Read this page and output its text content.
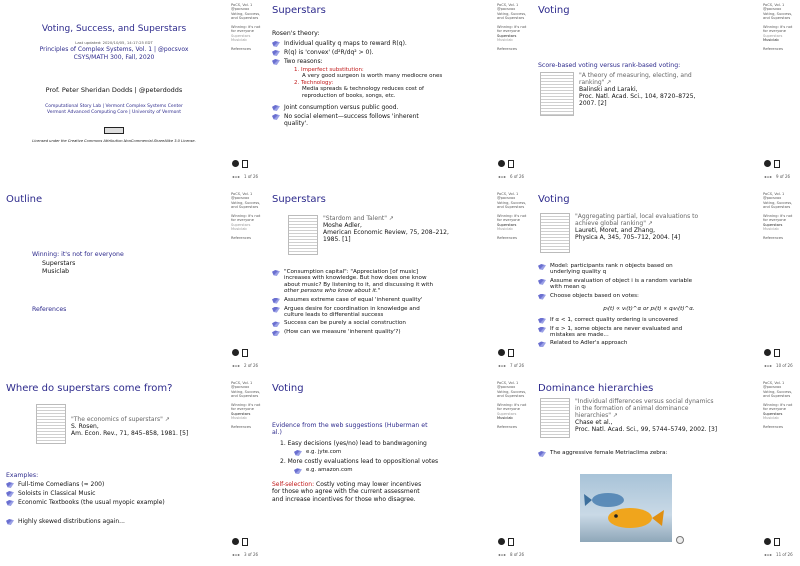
Voting, Success, and Superstars
Last updated: 2020/10/05, 14:17:25 EDT
Principles of Complex Systems, Vol. 1 | @pocsvox
CSYS/MATH 300, Fall, 2020
Prof. Peter Sheridan Dodds | @peterdodds
Computational Story Lab | Vermont Complex Systems Center
Vermont Advanced Computing Core | University of Vermont
Licensed under the Creative Commons Attribution-NonCommercial-ShareAlike 3.0 License.
PoCS, Vol. 1
@pocsvox
Voting, Success,
and Superstars
Winning: it's not
for everyone
Superstars
Musiclab
References
◂◃▹▸ 1 of 26
Superstars
Rosen's theory:
Individual quality q maps to reward R(q).
R(q) is 'convex' (d²R/dq² > 0).
Two reasons:
1. Imperfect substitution:
A very good surgeon is worth many mediocre ones
2. Technology:
Media spreads & technology reduces cost of
reproduction of books, songs, etc.
Joint consumption versus public good.
No social element—success follows 'inherent
quality'.
PoCS, Vol. 1
@pocsvox
Voting, Success,
and Superstars
Winning: it's not
for everyone
Superstars
Musiclab
References
◂◃▹▸ 6 of 26
Voting
Score-based voting versus rank-based voting:
"A theory of measuring, electing, and
ranking" ↗
Balinski and Laraki,
Proc. Natl. Acad. Sci., 104, 8720–8725,
2007. [2]
PoCS, Vol. 1
@pocsvox
Voting, Success,
and Superstars
Winning: it's not
for everyone
Superstars
Musiclab
References
◂◃▹▸ 9 of 26
Outline
Winning: it's not for everyone
Superstars
Musiclab
References
PoCS, Vol. 1
@pocsvox
Voting, Success,
and Superstars
Winning: it's not
for everyone
Superstars
Musiclab
References
◂◃▹▸ 2 of 26
Superstars
"Stardom and Talent" ↗
Moshe Adler,
American Economic Review, 75, 208–212,
1985. [1]
"Consumption capital": "Appreciation [of music]
increases with knowledge. But how does one know
about music? By listening to it, and discussing it with
other persons who know about it."
Assumes extreme case of equal 'inherent quality'
Argues desire for coordination in knowledge and
culture leads to differential success
Success can be purely a social construction
(How can we measure 'inherent quality'?)
PoCS, Vol. 1
@pocsvox
Voting, Success,
and Superstars
Winning: it's not
for everyone
Superstars
Musiclab
References
◂◃▹▸ 7 of 26
Voting
"Aggregating partial, local evaluations to
achieve global ranking" ↗
Laureti, Moret, and Zhang,
Physica A, 345, 705–712, 2004. [4]
Model: participants rank n objects based on
underlying quality q
Assume evaluation of object i is a random variable
with mean qᵢ
Choose objects based on votes:
pᵢ(t) ∝ vᵢ(t)^α or pᵢ(t) ∝ qᵢvᵢ(t)^α.
If α < 1, correct quality ordering is uncovered
If α > 1, some objects are never evaluated and
mistakes are made...
Related to Adler's approach
PoCS, Vol. 1
@pocsvox
Voting, Success,
and Superstars
Winning: it's not
for everyone
Superstars
Musiclab
References
◂◃▹▸ 10 of 26
Where do superstars come from?
"The economics of superstars" ↗
S. Rosen,
Am. Econ. Rev., 71, 845–858, 1981. [5]
Examples:
Full-time Comedians (≈ 200)
Soloists in Classical Music
Economic Textbooks (the usual myopic example)
Highly skewed distributions again...
PoCS, Vol. 1
@pocsvox
Voting, Success,
and Superstars
Winning: it's not
for everyone
Superstars
Musiclab
References
◂◃▹▸ 3 of 26
Voting
Evidence from the web suggestions (Huberman et
al.)
1. Easy decisions (yes/no) lead to bandwagoning
e.g. jyte.com
2. More costly evaluations lead to oppositional votes
e.g. amazon.com
Self-selection: Costly voting may lower incentives
for those who agree with the current assessment
and increase incentives for those who disagree.
PoCS, Vol. 1
@pocsvox
Voting, Success,
and Superstars
Winning: it's not
for everyone
Superstars
Musiclab
References
◂◃▹▸ 8 of 26
Dominance hierarchies
"Individual differences versus social dynamics
in the formation of animal dominance
hierarchies" ↗
Chase et al.,
Proc. Natl. Acad. Sci., 99, 5744–5749, 2002. [3]
The aggressive female Metriaclima zebra:
PoCS, Vol. 1
@pocsvox
Voting, Success,
and Superstars
Winning: it's not
for everyone
Superstars
Musiclab
References
◂◃▹▸ 11 of 26
